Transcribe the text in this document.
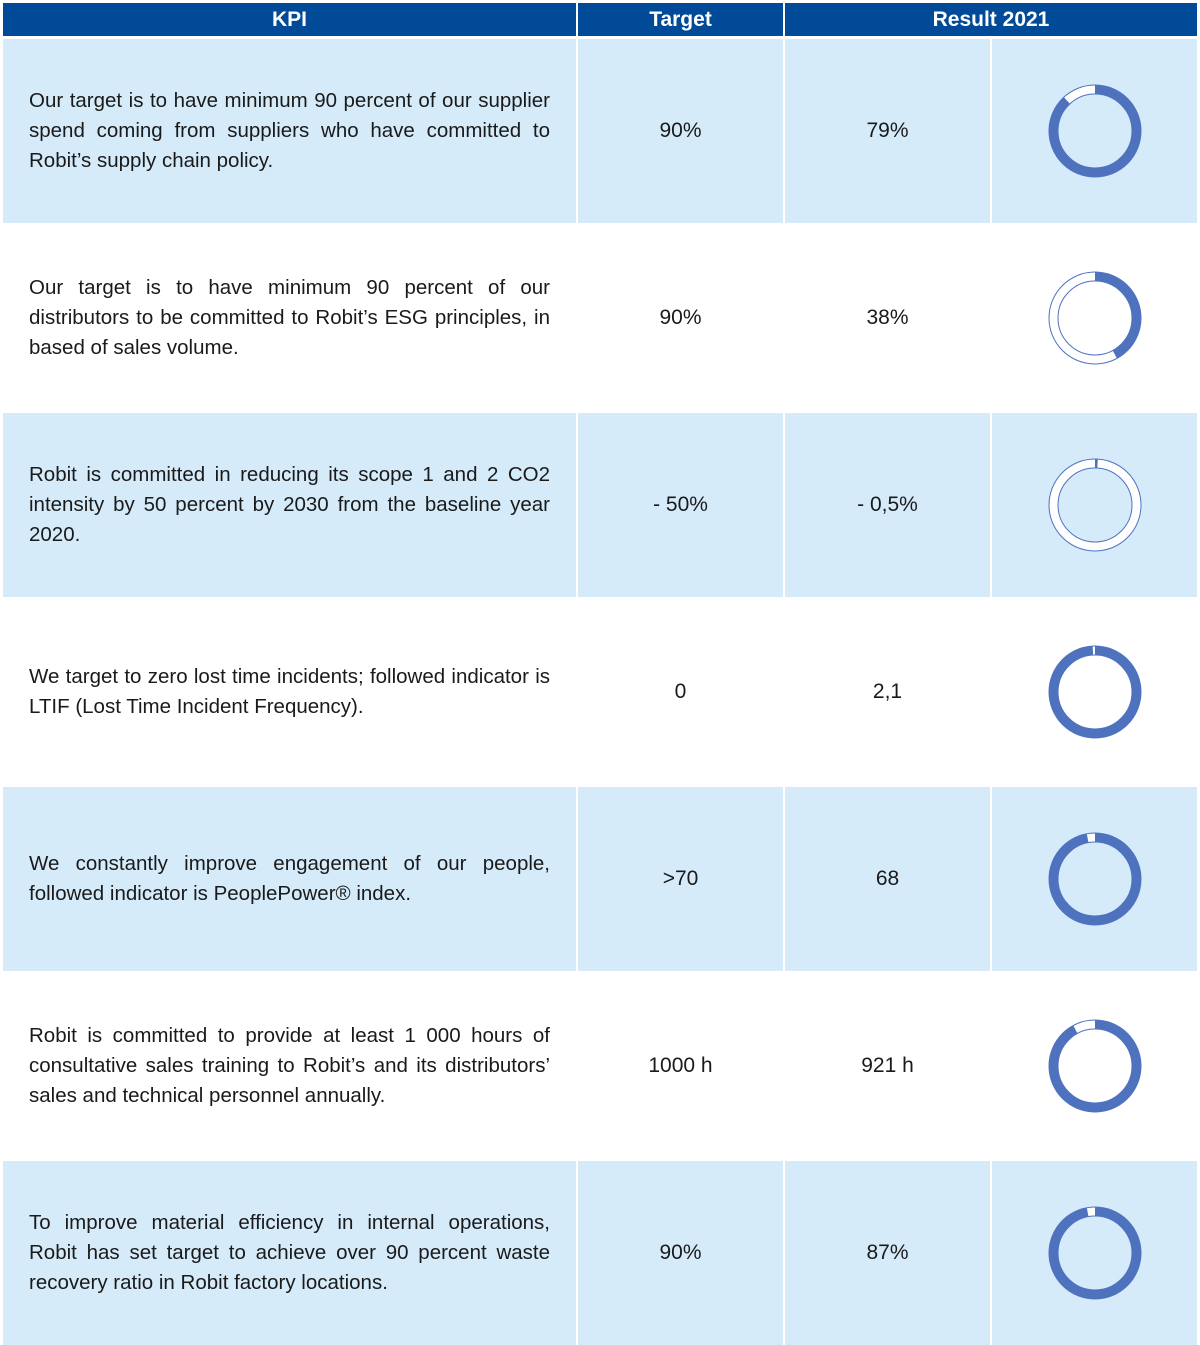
KPI	Target	Result 2021
Our target is to have minimum 90 percent of our supplier spend coming from suppliers who have committed to Robit’s supply chain policy.
90%	79%
Our target is to have minimum 90 percent of our distributors to be committed to Robit’s ESG principles, in based of sales volume.
90%	38%
Robit is committed in reducing its scope 1 and 2 CO2 intensity by 50 percent by 2030 from the baseline year 2020.
- 50%	- 0,5%
We target to zero lost time incidents; followed indicator is LTIF (Lost Time Incident Frequency).
0	2,1
We constantly improve engagement of our people, followed indicator is PeoplePower® index.
>70	68
Robit is committed to provide at least 1 000 hours of consultative sales training to Robit’s and its distributors’ sales and technical personnel annually.
1000 h	921 h
To improve material efficiency in internal operations, Robit has set target to achieve over 90 percent waste recovery ratio in Robit factory locations.
90%	87%
